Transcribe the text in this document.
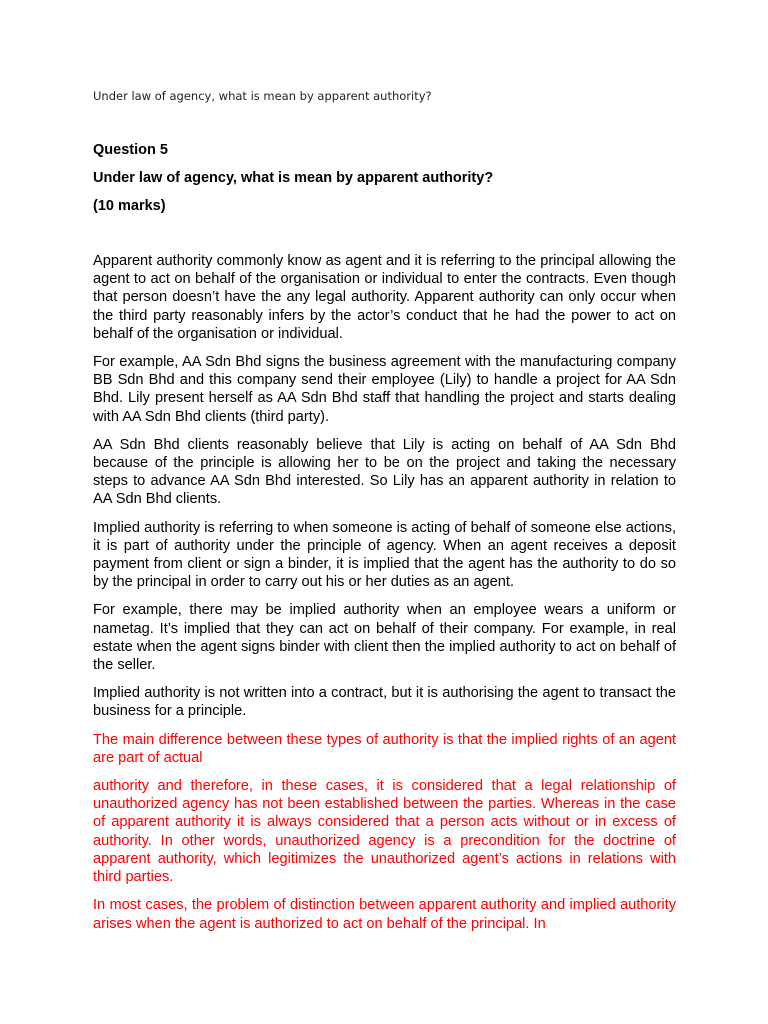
Under law of agency, what is mean by apparent authority?

Question 5

Under law of agency, what is mean by apparent authority?

(10 marks)

Apparent authority commonly know as agent and it is referring to the principal allowing the agent to act on behalf of the organisation or individual to enter the contracts. Even though that person doesn’t have the any legal authority. Apparent authority can only occur when the third party reasonably infers by the actor’s conduct that he had the power to act on behalf of the organisation or individual.

For example, AA Sdn Bhd signs the business agreement with the manufacturing company BB Sdn Bhd and this company send their employee (Lily) to handle a project for AA Sdn Bhd. Lily present herself as AA Sdn Bhd staff that handling the project and starts dealing with AA Sdn Bhd clients (third party).

AA Sdn Bhd clients reasonably believe that Lily is acting on behalf of AA Sdn Bhd because of the principle is allowing her to be on the project and taking the necessary steps to advance AA Sdn Bhd interested. So Lily has an apparent authority in relation to AA Sdn Bhd clients.

Implied authority is referring to when someone is acting of behalf of someone else actions, it is part of authority under the principle of agency. When an agent receives a deposit payment from client or sign a binder, it is implied that the agent has the authority to do so by the principal in order to carry out his or her duties as an agent.

For example, there may be implied authority when an employee wears a uniform or nametag. It’s implied that they can act on behalf of their company. For example, in real estate when the agent signs binder with client then the implied authority to act on behalf of the seller.

Implied authority is not written into a contract, but it is authorising the agent to transact the business for a principle.

The main difference between these types of authority is that the implied rights of an agent are part of actual

authority and therefore, in these cases, it is considered that a legal relationship of unauthorized agency has not been established between the parties. Whereas in the case of apparent authority it is always considered that a person acts without or in excess of authority. In other words, unauthorized agency is a precondition for the doctrine of apparent authority, which legitimizes the unauthorized agent’s actions in relations with third parties.

In most cases, the problem of distinction between apparent authority and implied authority arises when the agent is authorized to act on behalf of the principal. In
